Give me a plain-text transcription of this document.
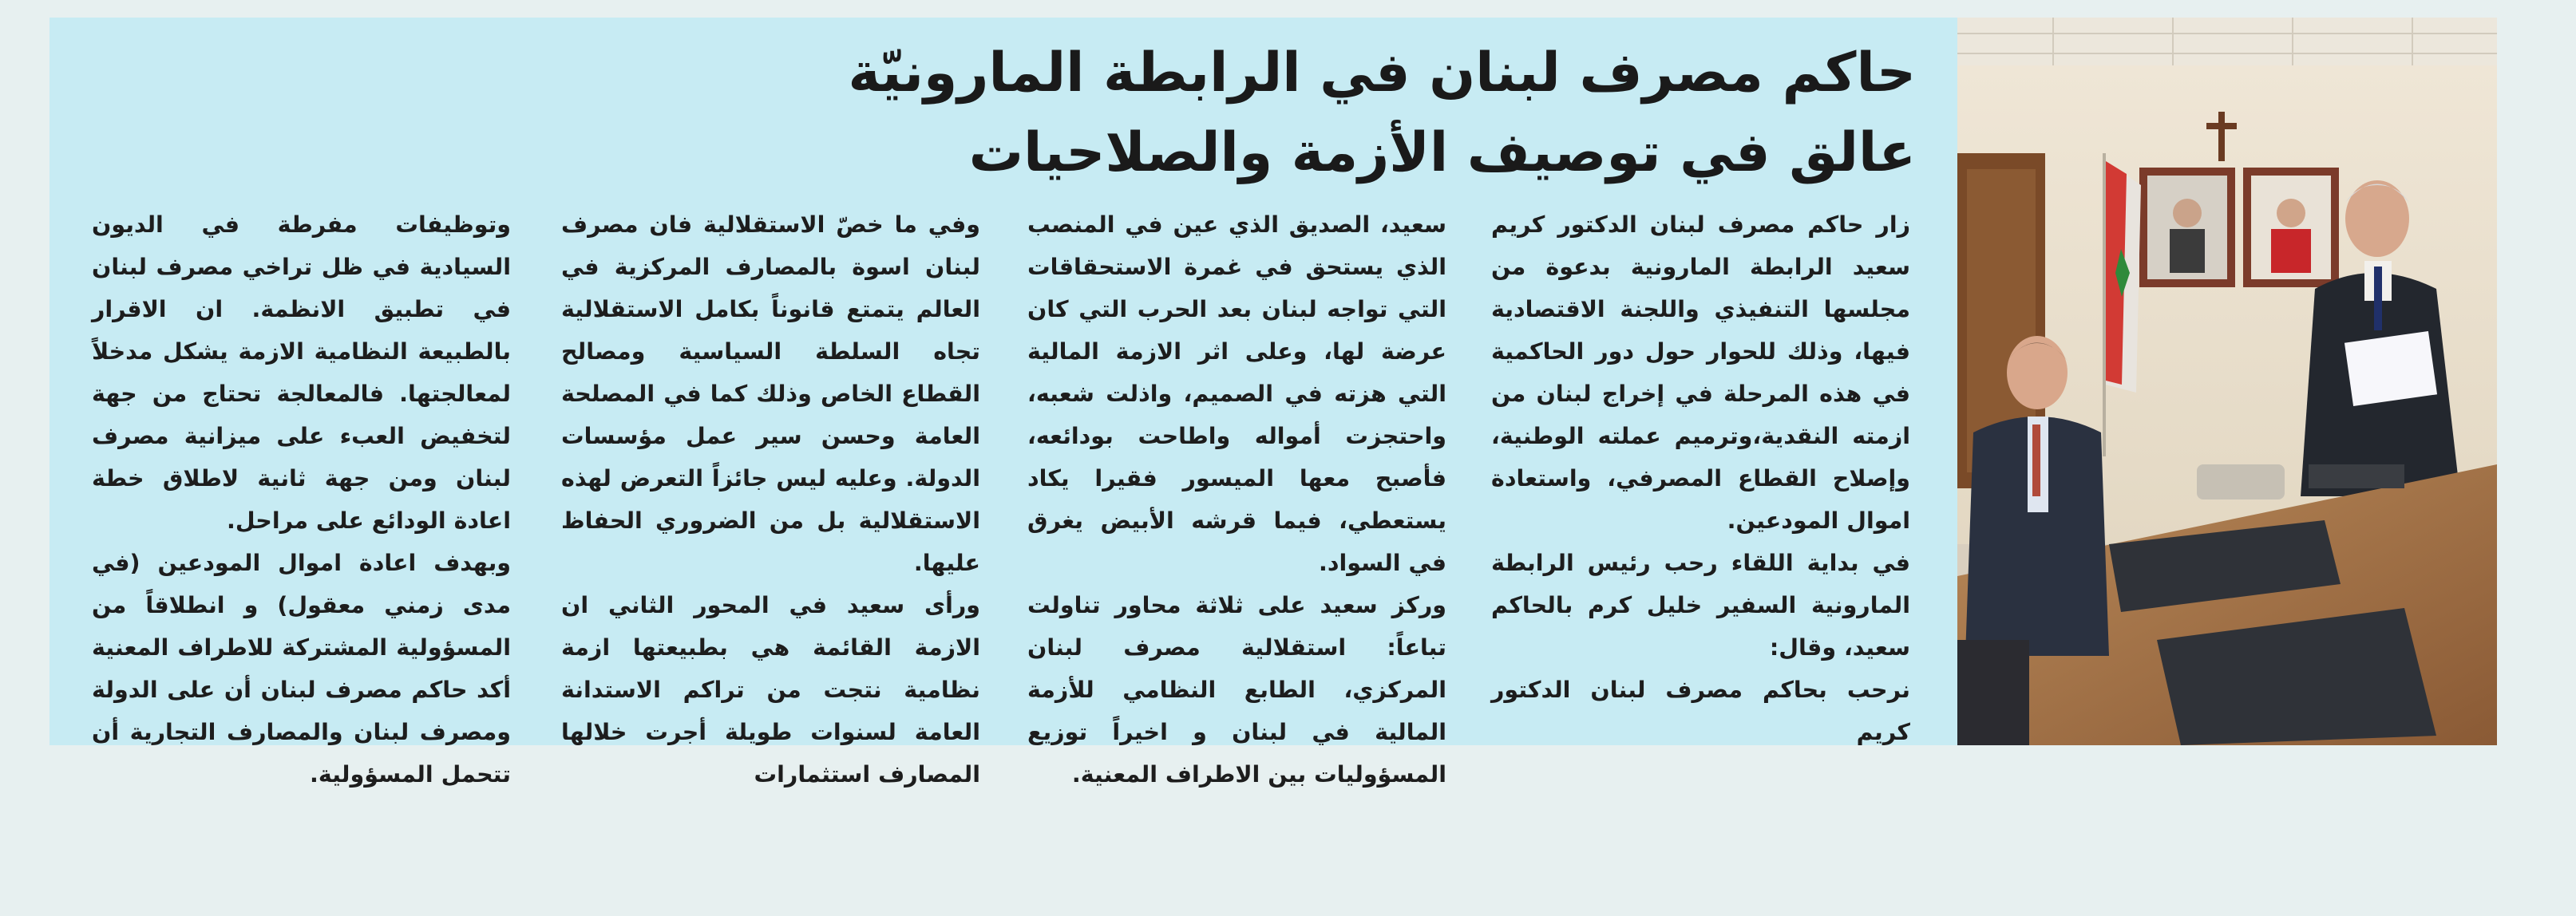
حاكم مصرف لبنان في الرابطة المارونيّة
عالق في توصيف الأزمة والصلاحيات

زار حاكم مصرف لبنان الدكتور كريم سعيد الرابطة المارونية بدعوة من مجلسها التنفيذي واللجنة الاقتصادية فيها، وذلك للحوار حول دور الحاكمية في هذه المرحلة في إخراج لبنان من ازمته النقدية،وترميم عملته الوطنية، وإصلاح القطاع المصرفي، واستعادة اموال المودعين.

في بداية اللقاء رحب رئيس الرابطة المارونية السفير خليل كرم بالحاكم سعيد، وقال:

نرحب بحاكم مصرف لبنان الدكتور كريم

سعيد، الصديق الذي عين في المنصب الذي يستحق في غمرة الاستحقاقات التي تواجه لبنان بعد الحرب التي كان عرضة لها، وعلى اثر الازمة المالية التي هزته في الصميم، واذلت شعبه، واحتجزت أمواله واطاحت بودائعه، فأصبح معها الميسور فقيرا يكاد يستعطي، فيما قرشه الأبيض يغرق في السواد.

وركز سعيد على ثلاثة محاور تناولت تباعاً: استقلالية مصرف لبنان المركزي، الطابع النظامي للأزمة المالية في لبنان و اخيراً توزيع المسؤوليات بين الاطراف المعنية.

وفي ما خصّ الاستقلالية فان مصرف لبنان اسوة بالمصارف المركزية في العالم يتمتع قانوناً بكامل الاستقلالية تجاه السلطة السياسية ومصالح القطاع الخاص وذلك كما في المصلحة العامة وحسن سير عمل مؤسسات الدولة. وعليه ليس جائزاً التعرض لهذه الاستقلالية بل من الضروري الحفاظ عليها.

ورأى سعيد في المحور الثاني ان الازمة القائمة هي بطبيعتها ازمة نظامية نتجت من تراكم الاستدانة العامة لسنوات طويلة أجرت خلالها المصارف استثمارات

وتوظيفات مفرطة في الديون السيادية في ظل تراخي مصرف لبنان في تطبيق الانظمة. ان الاقرار بالطبيعة النظامية الازمة يشكل مدخلاً لمعالجتها. فالمعالجة تحتاج من جهة لتخفيض العبء على ميزانية مصرف لبنان ومن جهة ثانية لاطلاق خطة اعادة الودائع على مراحل.

وبهدف اعادة اموال المودعين (في مدى زمني معقول) و انطلاقاً من المسؤولية المشتركة للاطراف المعنية أكد حاكم مصرف لبنان أن على الدولة ومصرف لبنان والمصارف التجارية أن تتحمل المسؤولية.
